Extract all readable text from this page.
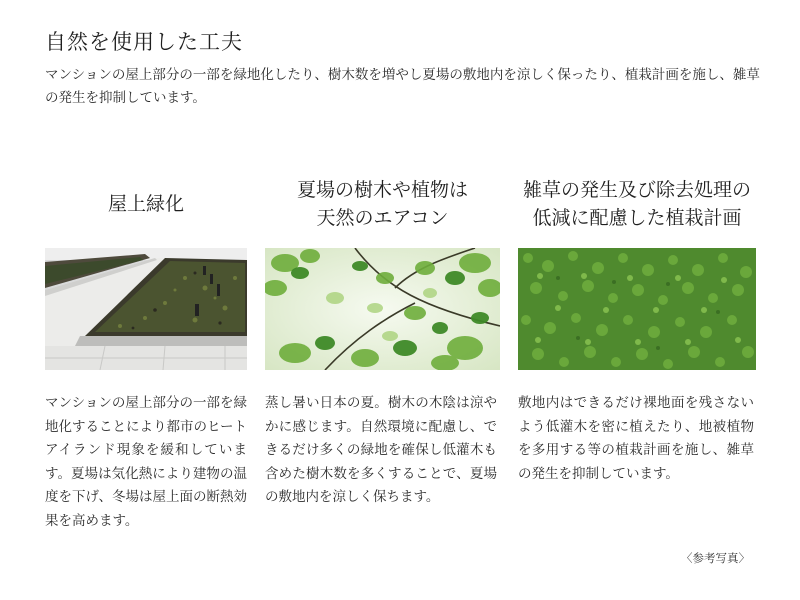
自然を使用した工夫
マンションの屋上部分の一部を緑地化したり、樹木数を増やし夏場の敷地内を涼しく保ったり、植栽計画を施し、雑草の発生を抑制しています。
屋上緑化
マンションの屋上部分の一部を緑地化することにより都市のヒートアイランド現象を緩和しています。夏場は気化熱により建物の温度を下げ、冬場は屋上面の断熱効果を高めます。
夏場の樹木や植物は
天然のエアコン
蒸し暑い日本の夏。樹木の木陰は涼やかに感じます。自然環境に配慮し、できるだけ多くの緑地を確保し低灌木も含めた樹木数を多くすることで、夏場の敷地内を涼しく保ちます。
雑草の発生及び除去処理の
低減に配慮した植栽計画
敷地内はできるだけ裸地面を残さないよう低灌木を密に植えたり、地被植物を多用する等の植栽計画を施し、雑草の発生を抑制しています。
〈参考写真〉
